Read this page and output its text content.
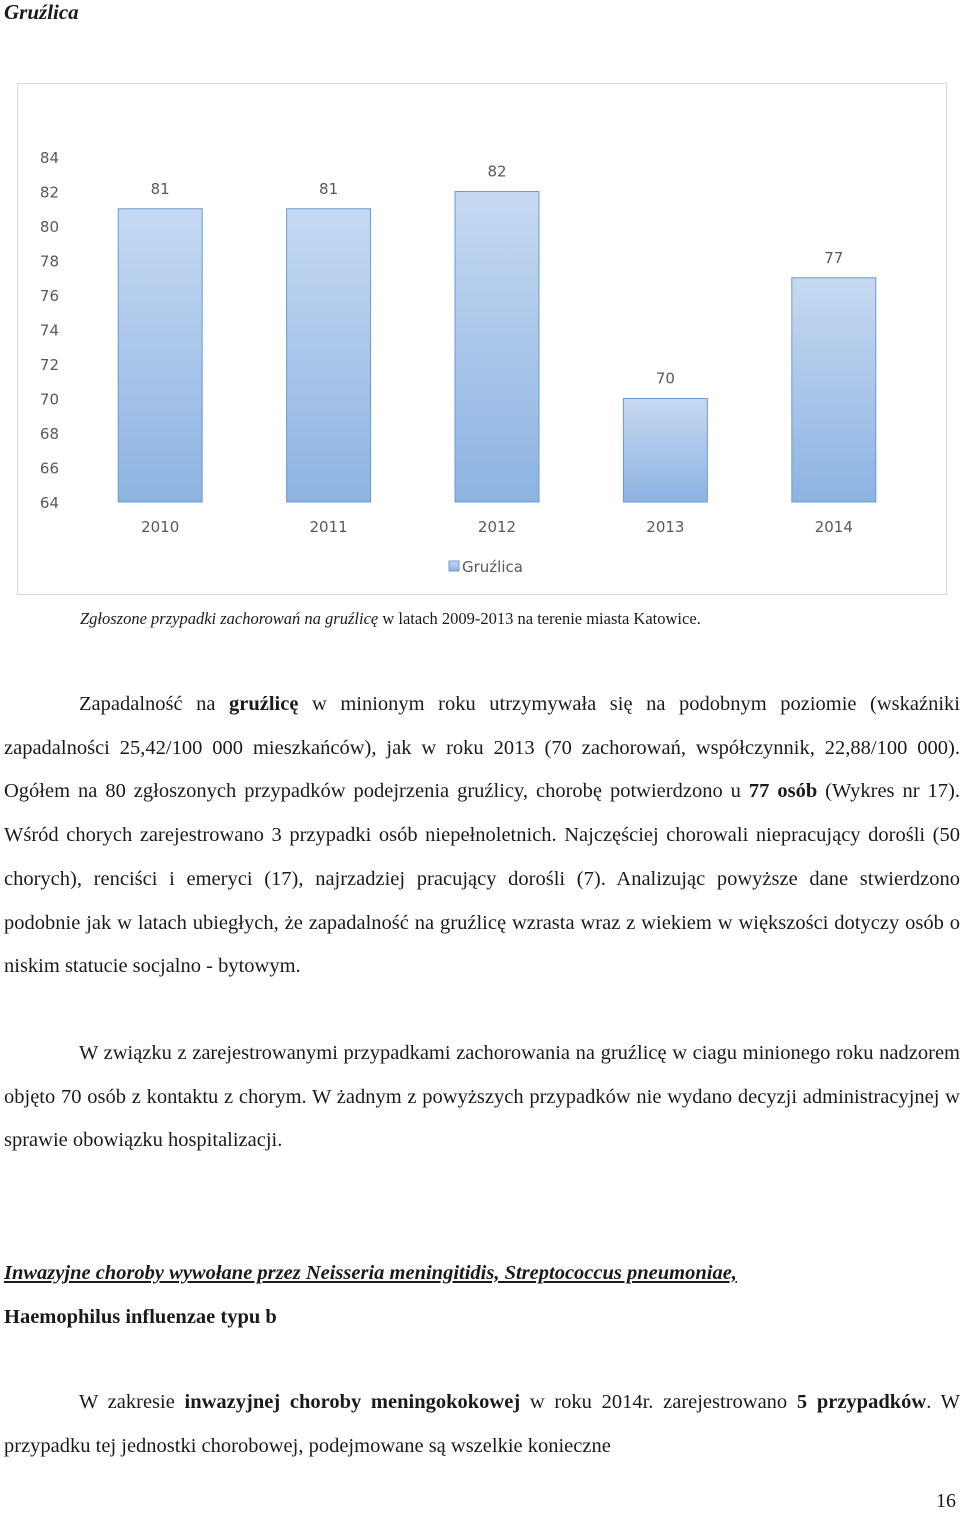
Gruźlica
84
82
80
78
76
74
72
70
68
66
64
81	81
82
70
77
2010	2011	2012	2013	2014
Gruźlica
Zgłoszone przypadki zachorowań na gruźlicę w latach 2009-2013 na terenie miasta Katowice.
Zapadalność na gruźlicę w minionym roku utrzymywała się na podobnym poziomie (wskaźniki zapadalności 25,42/100 000 mieszkańców), jak w roku 2013 (70 zachorowań, współczynnik, 22,88/100 000). Ogółem na 80 zgłoszonych przypadków podejrzenia gruźlicy, chorobę potwierdzono u 77 osób (Wykres nr 17). Wśród chorych zarejestrowano 3 przypadki osób niepełnoletnich. Najczęściej chorowali niepracujący dorośli (50 chorych), renciści i emeryci (17), najrzadziej pracujący dorośli (7). Analizując powyższe dane stwierdzono podobnie jak w latach ubiegłych, że zapadalność na gruźlicę wzrasta wraz z wiekiem w większości dotyczy osób o niskim statucie socjalno - bytowym.
W związku z zarejestrowanymi przypadkami zachorowania na gruźlicę w ciagu minionego roku nadzorem objęto 70 osób z kontaktu z chorym. W żadnym z powyższych przypadków nie wydano decyzji administracyjnej w sprawie obowiązku hospitalizacji.
Inwazyjne choroby wywołane przez Neisseria meningitidis, Streptococcus pneumoniae,
Haemophilus influenzae typu b
W zakresie inwazyjnej choroby meningokokowej w roku 2014r. zarejestrowano 5 przypadków. W przypadku tej jednostki chorobowej, podejmowane są wszelkie konieczne
16
